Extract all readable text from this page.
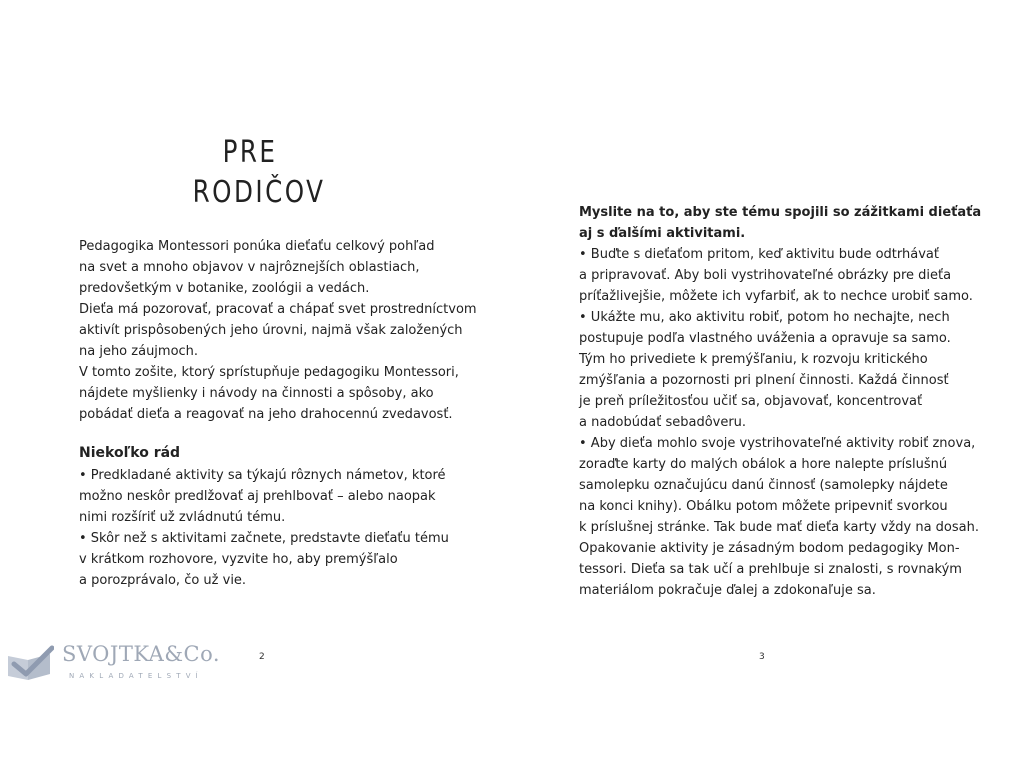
PRE
RODIČOV
Pedagogika Montessori ponúka dieťaťu celkový pohľad
na svet a mnoho objavov v najrôznejších oblastiach,
predovšetkým v botanike, zoológii a vedách.
Dieťa má pozorovať, pracovať a chápať svet prostredníctvom
aktivít prispôsobených jeho úrovni, najmä však založených
na jeho záujmoch.
V tomto zošite, ktorý sprístupňuje pedagogiku Montessori,
nájdete myšlienky i návody na činnosti a spôsoby, ako
pobádať dieťa a reagovať na jeho drahocennú zvedavosť.
Niekoľko rád
• Predkladané aktivity sa týkajú rôznych námetov, ktoré
možno neskôr predlžovať aj prehlbovať – alebo naopak
nimi rozšíriť už zvládnutú tému.
• Skôr než s aktivitami začnete, predstavte dieťaťu tému
v krátkom rozhovore, vyzvite ho, aby premýšľalo
a porozprávalo, čo už vie.
2
Myslite na to, aby ste tému spojili so zážitkami dieťaťa
aj s ďalšími aktivitami.
• Buďte s dieťaťom pritom, keď aktivitu bude odtrhávať
a pripravovať. Aby boli vystrihovateľné obrázky pre dieťa
príťažlivejšie, môžete ich vyfarbiť, ak to nechce urobiť samo.
• Ukážte mu, ako aktivitu robiť, potom ho nechajte, nech
postupuje podľa vlastného uváženia a opravuje sa samo.
Tým ho privediete k premýšľaniu, k rozvoju kritického
zmýšľania a pozornosti pri plnení činnosti. Každá činnosť
je preň príležitosťou učiť sa, objavovať, koncentrovať
a nadobúdať sebadôveru.
• Aby dieťa mohlo svoje vystrihovateľné aktivity robiť znova,
zoraďte karty do malých obálok a hore nalepte príslušnú
samolepku označujúcu danú činnosť (samolepky nájdete
na konci knihy). Obálku potom môžete pripevniť svorkou
k príslušnej stránke. Tak bude mať dieťa karty vždy na dosah.
Opakovanie aktivity je zásadným bodom pedagogiky Mon-
tessori. Dieťa sa tak učí a prehlbuje si znalosti, s rovnakým
materiálom pokračuje ďalej a zdokonaľuje sa.
3
SVOJTKA&Co.
NAKLADATELSTVÍ
